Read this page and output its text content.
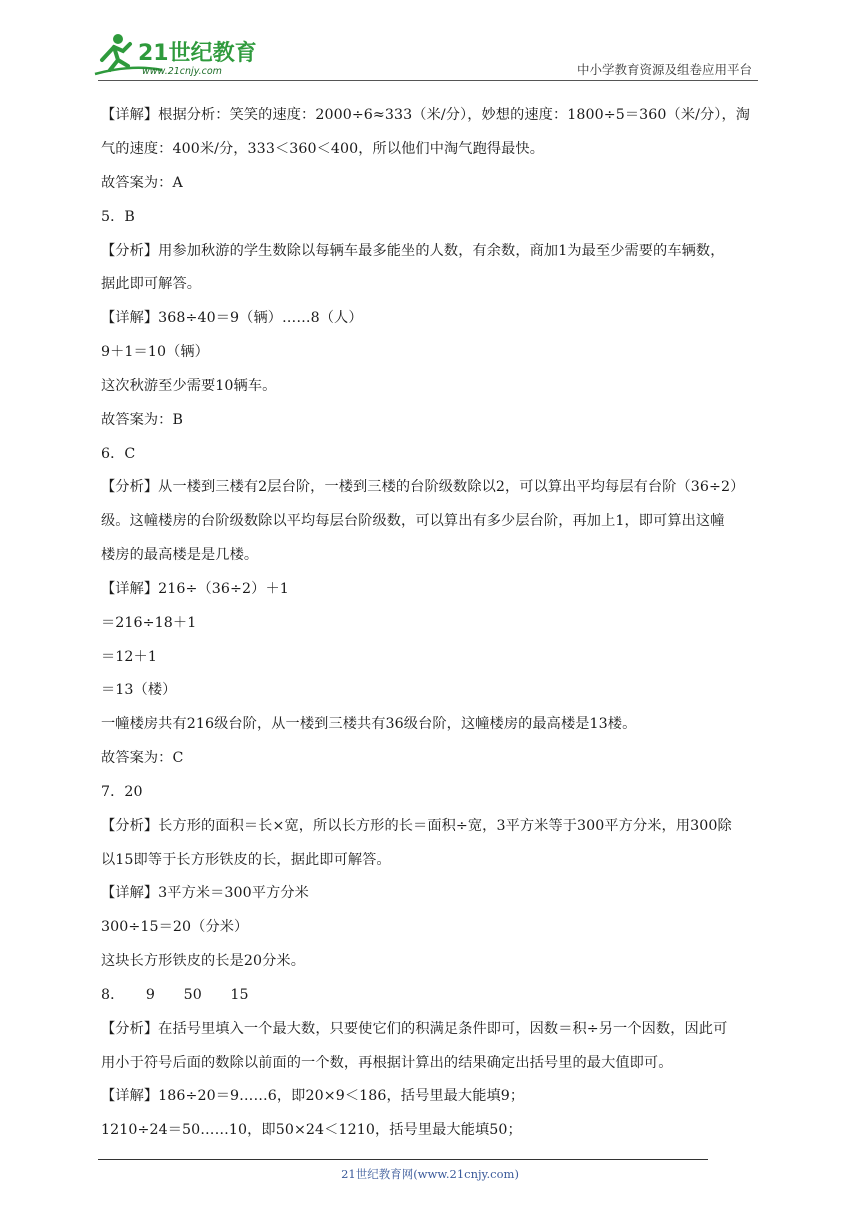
21世纪教育
www.21cnjy.com	中小学教育资源及组卷应用平台
【详解】根据分析：笑笑的速度：2000÷6≈333（米/分），妙想的速度：1800÷5＝360（米/分），淘
气的速度：400米/分，333＜360＜400，所以他们中淘气跑得最快。
故答案为：A
5．B
【分析】用参加秋游的学生数除以每辆车最多能坐的人数，有余数，商加1为最至少需要的车辆数，
据此即可解答。
【详解】368÷40＝9（辆）……8（人）
9＋1＝10（辆）
这次秋游至少需要10辆车。
故答案为：B
6．C
【分析】从一楼到三楼有2层台阶，一楼到三楼的台阶级数除以2，可以算出平均每层有台阶（36÷2）
级。这幢楼房的台阶级数除以平均每层台阶级数，可以算出有多少层台阶，再加上1，即可算出这幢
楼房的最高楼是是几楼。
【详解】216÷（36÷2）＋1
＝216÷18＋1
＝12＋1
＝13（楼）
一幢楼房共有216级台阶，从一楼到三楼共有36级台阶，这幢楼房的最高楼是13楼。
故答案为：C
7．20
【分析】长方形的面积＝长×宽，所以长方形的长＝面积÷宽，3平方米等于300平方分米，用300除
以15即等于长方形铁皮的长，据此即可解答。
【详解】3平方米＝300平方分米
300÷15＝20（分米）
这块长方形铁皮的长是20分米。
8．　　9　　50　　15
【分析】在括号里填入一个最大数，只要使它们的积满足条件即可，因数＝积÷另一个因数，因此可
用小于符号后面的数除以前面的一个数，再根据计算出的结果确定出括号里的最大值即可。
【详解】186÷20＝9……6，即20×9＜186，括号里最大能填9；
1210÷24＝50……10，即50×24＜1210，括号里最大能填50；
21世纪教育网(www.21cnjy.com)
